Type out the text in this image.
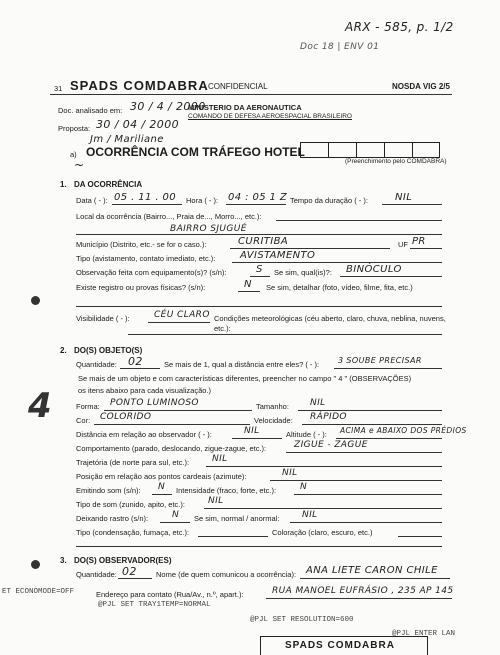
ARX - 585, p. 1/2
Doc 18 | ENV 01
31 SPADS COMDABRA CONFIDENCIAL	NOSDA VIG 2/5
Doc. analisado em: 30 / 4 / 2000
MINISTERIO DA AERONAUTICA
COMANDO DE DEFESA AEROESPACIAL BRASILEIRO
Proposta: 30 / 04 / 2000
Jm / Mariliane
a) OCORRÊNCIA COM TRÁFEGO HOTEL
(Preenchimento pelo COMDABRA)
~
1. DA OCORRÊNCIA
Data ( - ): 05 . 11 . 00 Hora ( - ): 04 : 05 1 Z Tempo da duração ( - ):	NIL
Local da ocorrência (Bairro..., Praia de..., Morro..., etc.):
BAIRRO SJUGUÉ
Município (Distrito, etc.- se for o caso.):	CURITIBA	UF PR
Tipo (avistamento, contato imediato, etc.): AVISTAMENTO
Observação feita com equipamento(s)? (s/n):	S Se sim, qual(is)?: BINÓCULO
Existe registro ou provas físicas? (s/n):	N Se sim, detalhar (foto, vídeo, filme, fita, etc.)
Visibilidade ( - ):	CÉU CLARO Condições meteorológicas (céu aberto, claro, chuva, neblina, nuvens, etc.):
2. DO(S) OBJETO(S)
Quantidade: 02	Se mais de 1, qual a distância entre eles? ( - ): 3 SOUBE PRECISAR
Se mais de um objeto e com características diferentes, preencher no campo " 4 " (OBSERVAÇÕES)
os itens abaixo para cada visualização.)
4	Forma: PONTO LUMINOSO	Tamanho: NIL
Cor: COLORIDO	Velocidade: RÁPIDO
Distância em relação ao observador ( - ):	NIL	Altitude ( - ): ACIMA e ABAIXO DOS PRÉDIOS
Comportamento (parado, deslocando, zigue-zague, etc.):	ZIGUE - ZAGUE
Trajetória (de norte para sul, etc.):	NIL
Posição em relação aos pontos cardeais (azimute):	NIL
Emitindo som (s/n): N Intensidade (fraco, forte, etc.):	N
Tipo de som (zunido, apito, etc.):	NIL
Deixando rastro (s/n):	N Se sim, normal / anormal:	NIL
Tipo (condensação, fumaça, etc.):	Coloração (claro, escuro, etc.)
3. DO(S) OBSERVADOR(ES)
Quantidade: 02	Nome (de quem comunicou a ocorrência): ANA LIETE CARON CHILE
ET ECONOMODE=OFF	Endereço para contato (Rua/Av., n.º, apart.):	RUA MANOEL EUFRÁSIO , 235 AP 145
@PJL SET TRAY1TEMP=NORMAL
@PJL SET RESOLUTION=600
@PJL ENTER LAN
SPADS COMDABRA
